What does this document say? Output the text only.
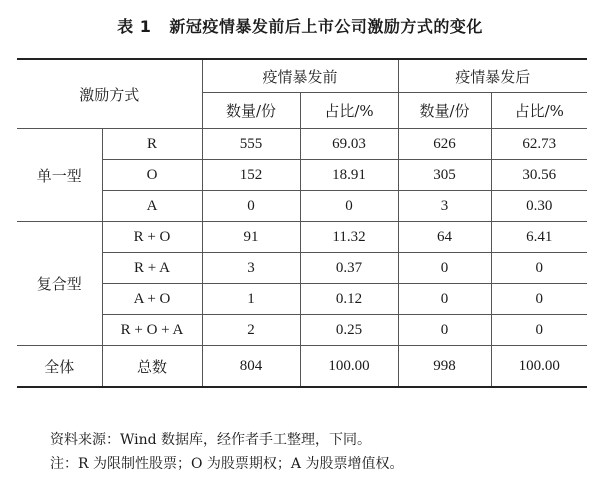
表 1 新冠疫情暴发前后上市公司激励方式的变化
激励方式		疫情暴发前		疫情暴发后	
		数量/份	占比/%	数量/份	占比/%
单一型	R	555	69.03	626	62.73
	O	152	18.91	305	30.56
	A	0	0	3	0.30
复合型	R + O	91	11.32	64	6.41
	R + A	3	0.37	0	0
	A + O	1	0.12	0	0
	R + O + A	2	0.25	0	0
全体	总数	804	100.00	998	100.00
资料来源：Wind 数据库，经作者手工整理，下同。
注：R 为限制性股票；O 为股票期权；A 为股票增值权。
